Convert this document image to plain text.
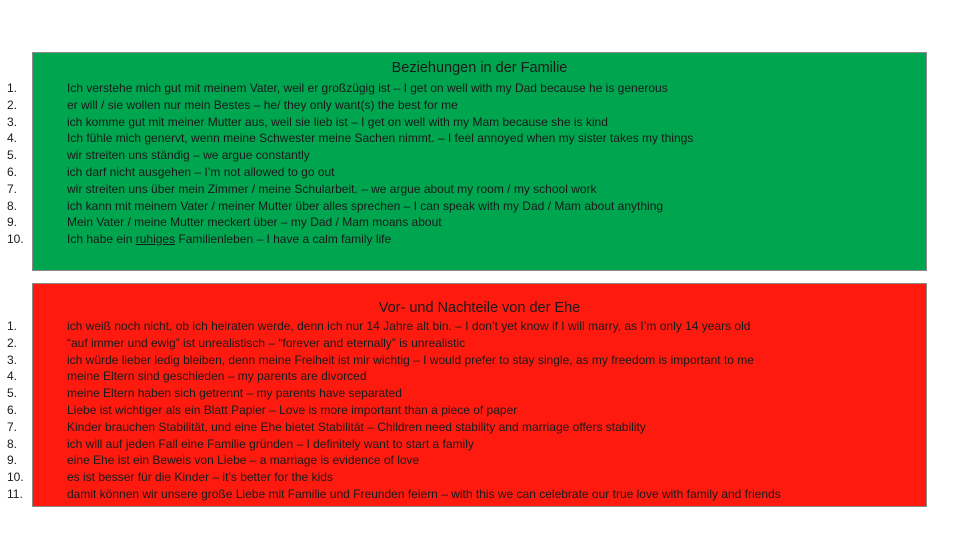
Beziehungen in der Familie
1.	Ich verstehe mich gut mit meinem Vater, weil er großzügig ist – I get on well with my Dad because he is generous
2.	er will / sie wollen nur mein Bestes – he/ they only want(s) the best for me
3.	ich komme gut mit meiner Mutter aus, weil sie lieb ist – I get on well with my Mam because she is kind
4.	Ich fühle mich genervt, wenn meine Schwester meine Sachen nimmt. – I feel annoyed when my sister takes my things
5.	wir streiten uns ständig – we argue constantly
6.	ich darf nicht ausgehen – I’m not allowed to go out
7.	wir streiten uns über mein Zimmer / meine Schularbeit. – we argue about my room / my school work
8.	ich kann mit meinem Vater / meiner Mutter über alles sprechen – I can speak with my Dad / Mam about anything
9.	Mein Vater / meine Mutter meckert über – my Dad / Mam moans about
10.	Ich habe ein ruhiges Familienleben – I have a calm family life
Vor- und Nachteile von der Ehe
1.	ich weiß noch nicht, ob ich heiraten werde, denn ich nur 14 Jahre alt bin. – I don’t yet know if I will marry, as I’m only 14 years old
2.	“auf immer und ewig” ist unrealistisch – “forever and eternally” is unrealistic
3.	ich würde lieber ledig bleiben, denn meine Freiheit ist mir wichtig – I would prefer to stay single, as my freedom is important to me
4.	meine Eltern sind geschieden – my parents are divorced
5.	meine Eltern haben sich getrennt – my parents have separated
6.	Liebe ist wichtiger als ein Blatt Papier – Love is more important than a piece of paper
7.	Kinder brauchen Stabilität, und eine Ehe bietet Stabilität – Children need stability and marriage offers stability
8.	ich will auf jeden Fall eine Familie gründen – I definitely want to start a family
9.	eine Ehe ist ein Beweis von Liebe – a marriage is evidence of love
10.	es ist besser für die Kinder – it’s better for the kids
11.	damit können wir unsere große Liebe mit Familie und Freunden feiern – with this we can celebrate our true love with family and friends
